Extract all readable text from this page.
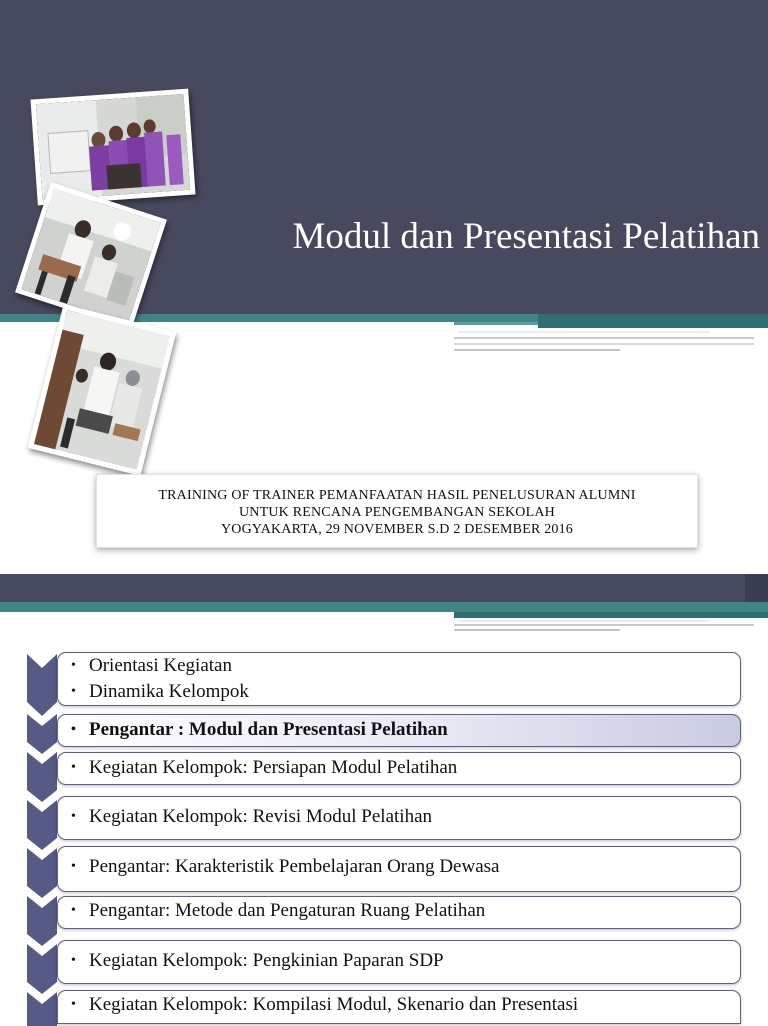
Modul dan Presentasi Pelatihan
TRAINING OF TRAINER PEMANFAATAN HASIL PENELUSURAN ALUMNI
UNTUK RENCANA PENGEMBANGAN SEKOLAH
YOGYAKARTA, 29 NOVEMBER S.D 2 DESEMBER 2016
• Orientasi Kegiatan
• Dinamika Kelompok
• Pengantar : Modul dan Presentasi Pelatihan
• Kegiatan Kelompok: Persiapan Modul Pelatihan
• Kegiatan Kelompok: Revisi Modul Pelatihan
• Pengantar: Karakteristik Pembelajaran Orang Dewasa
• Pengantar: Metode dan Pengaturan Ruang Pelatihan
• Kegiatan Kelompok: Pengkinian Paparan SDP
• Kegiatan Kelompok: Kompilasi Modul, Skenario dan Presentasi
